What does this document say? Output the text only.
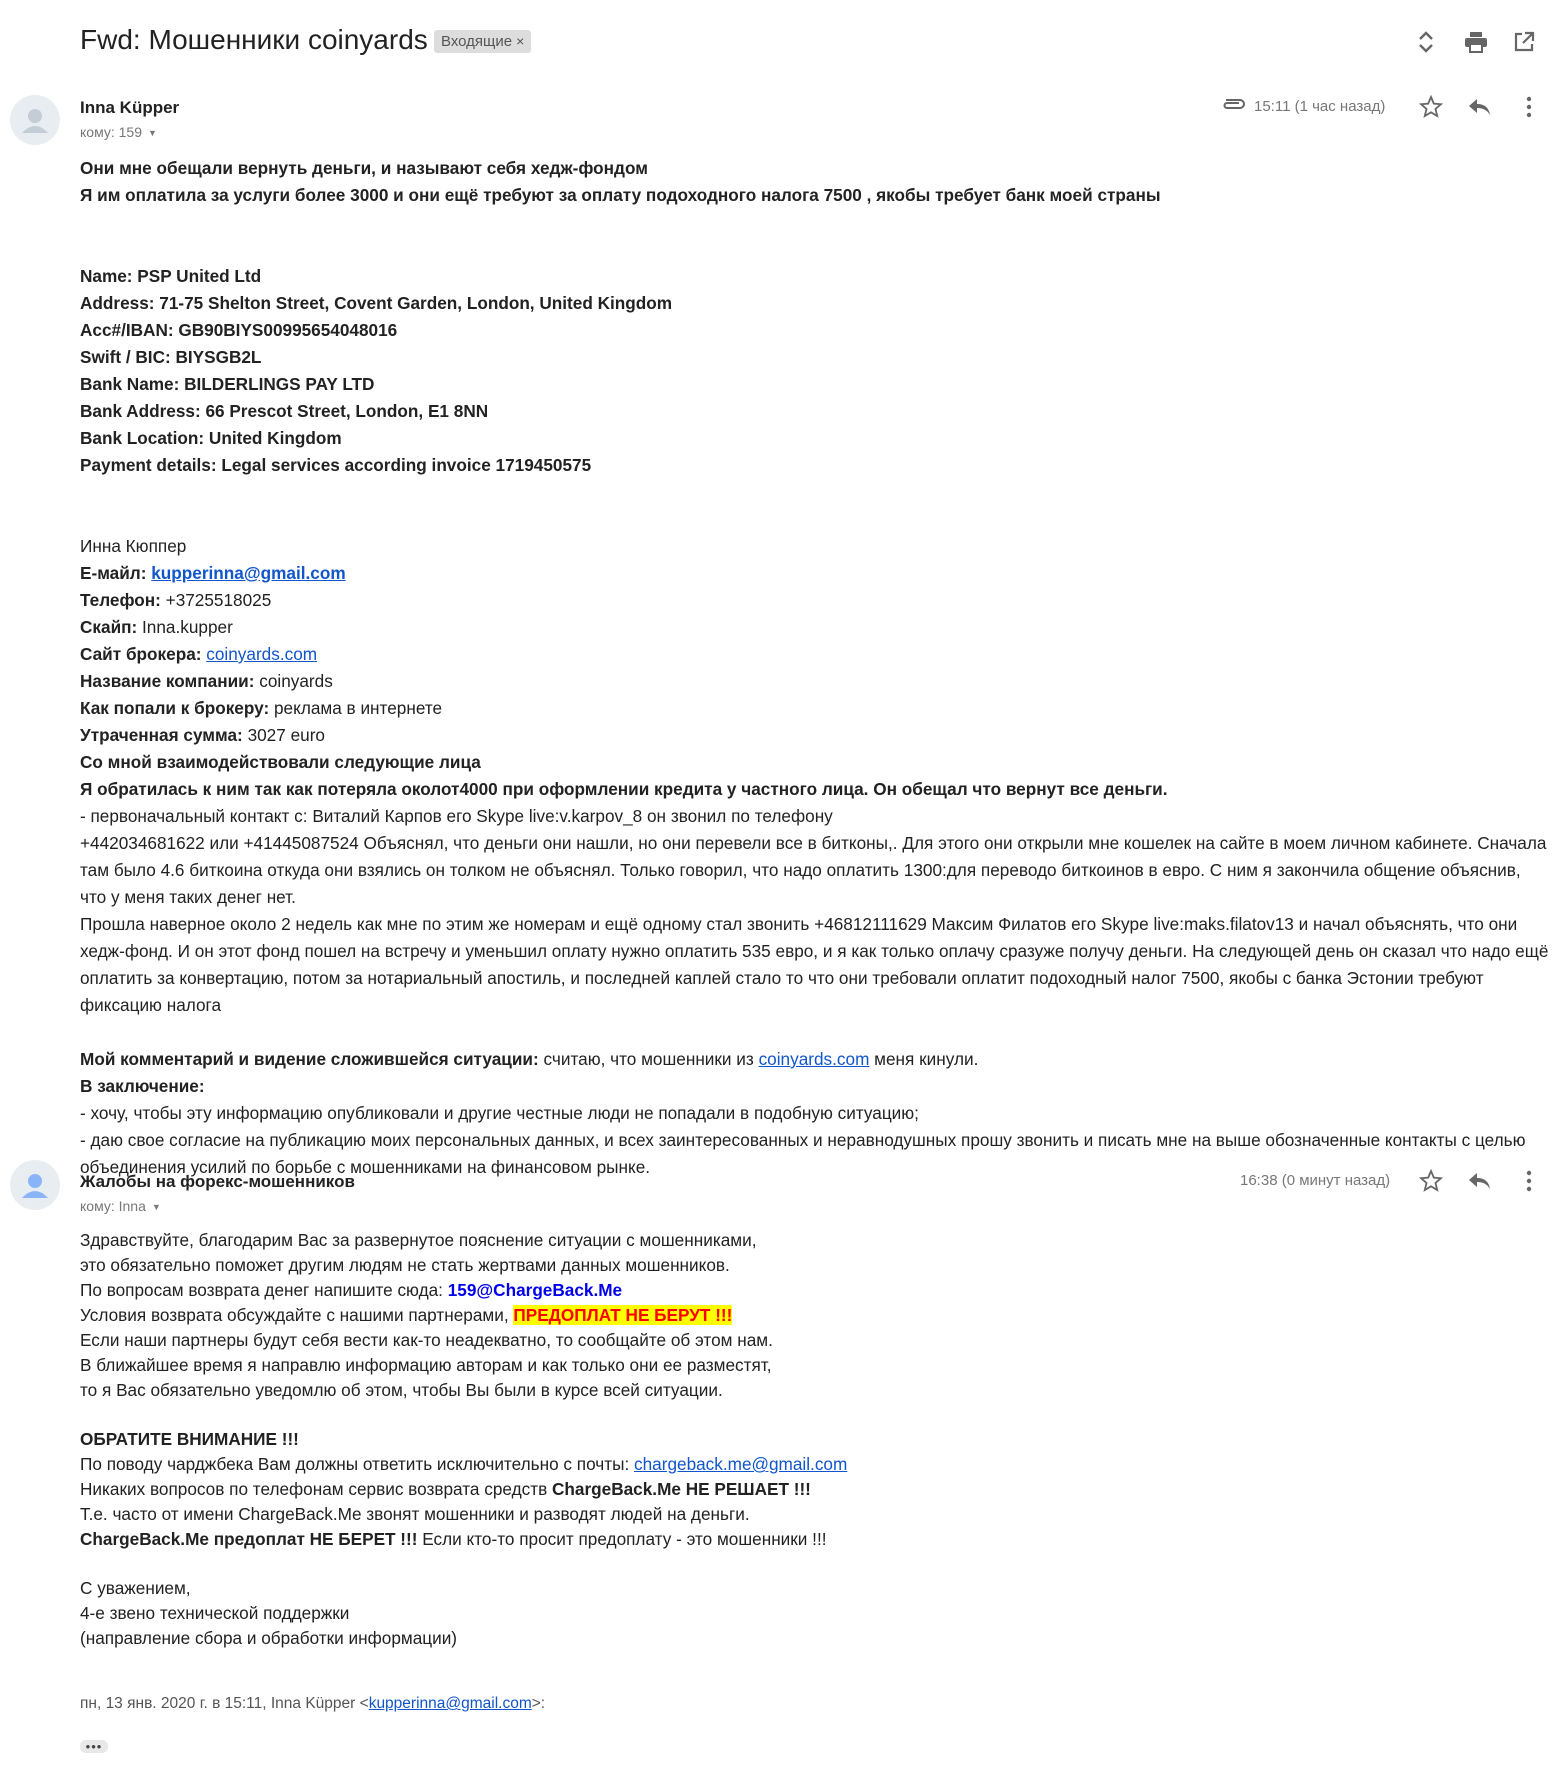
Fwd: Мошенники coinyards Входящие ×
Inna Küpper
кому: 159 ▼
15:11 (1 час назад)
Они мне обещали вернуть деньги, и называют себя хедж-фондом
Я им оплатила за услуги более 3000 и они ещё требуют за оплату подоходного налога 7500 , якобы требует банк моей страны
Name: PSP United Ltd
Address: 71-75 Shelton Street, Covent Garden, London, United Kingdom
Acc#/IBAN: GB90BIYS00995654048016
Swift / BIC: BIYSGB2L
Bank Name: BILDERLINGS PAY LTD
Bank Address: 66 Prescot Street, London, E1 8NN
Bank Location: United Kingdom
Payment details: Legal services according invoice 1719450575
Инна Кюппер
Е-майл: kupperinna@gmail.com
Телефон: +3725518025
Скайп: Inna.kupper
Сайт брокера: coinyards.com
Название компании: coinyards
Как попали к брокеру: реклама в интернете
Утраченная сумма: 3027 euro
Со мной взаимодействовали следующие лица
Я обратилась к ним так как потеряла околот4000 при оформлении кредита у частного лица. Он обещал что вернут все деньги.
- первоначальный контакт с: Виталий Карпов его Skype live:v.karpov_8 он звонил по телефону
+442034681622 или +41445087524 Объяснял, что деньги они нашли, но они перевели все в битконы,. Для этого они открыли мне кошелек на сайте в моем личном кабинете. Сначала там было 4.6 биткоина откуда они взялись он толком не объяснял. Только говорил, что надо оплатить 1300:для переводо биткоинов в евро. С ним я закончила общение объяснив, что у меня таких денег нет.
Прошла наверное около 2 недель как мне по этим же номерам и ещё одному стал звонить +46812111629 Максим Филатов его Skype live:maks.filatov13 и начал объяснять, что они хедж-фонд. И он этот фонд пошел на встречу и уменьшил оплату нужно оплатить 535 евро, и я как только оплачу сразуже получу деньги. На следующей день он сказал что надо ещё оплатить за конвертацию, потом за нотариальный апостиль, и последней каплей стало то что они требовали оплатит подоходный налог 7500, якобы с банка Эстонии требуют фиксацию налога
Мой комментарий и видение сложившейся ситуации: считаю, что мошенники из coinyards.com меня кинули.
В заключение:
- хочу, чтобы эту информацию опубликовали и другие честные люди не попадали в подобную ситуацию;
- даю свое согласие на публикацию моих персональных данных, и всех заинтересованных и неравнодушных прошу звонить и писать мне на выше обозначенные контакты с целью объединения усилий по борьбе с мошенниками на финансовом рынке.
Жалобы на форекс-мошенников
кому: Inna ▼
16:38 (0 минут назад)
Здравствуйте, благодарим Вас за развернутое пояснение ситуации с мошенниками,
это обязательно поможет другим людям не стать жертвами данных мошенников.
По вопросам возврата денег напишите сюда: 159@ChargeBack.Me
Условия возврата обсуждайте с нашими партнерами, ПРЕДОПЛАТ НЕ БЕРУТ !!!
Если наши партнеры будут себя вести как-то неадекватно, то сообщайте об этом нам.
В ближайшее время я направлю информацию авторам и как только они ее разместят,
то я Вас обязательно уведомлю об этом, чтобы Вы были в курсе всей ситуации.
ОБРАТИТЕ ВНИМАНИЕ !!!
По поводу чарджбека Вам должны ответить исключительно с почты: chargeback.me@gmail.com
Никаких вопросов по телефонам сервис возврата средств ChargeBack.Me НЕ РЕШАЕТ !!!
Т.е. часто от имени ChargeBack.Me звонят мошенники и разводят людей на деньги.
ChargeBack.Me предоплат НЕ БЕРЕТ !!! Если кто-то просит предоплату - это мошенники !!!
С уважением,
4-е звено технической поддержки
(направление сбора и обработки информации)
пн, 13 янв. 2020 г. в 15:11, Inna Küpper <kupperinna@gmail.com>:
•••
